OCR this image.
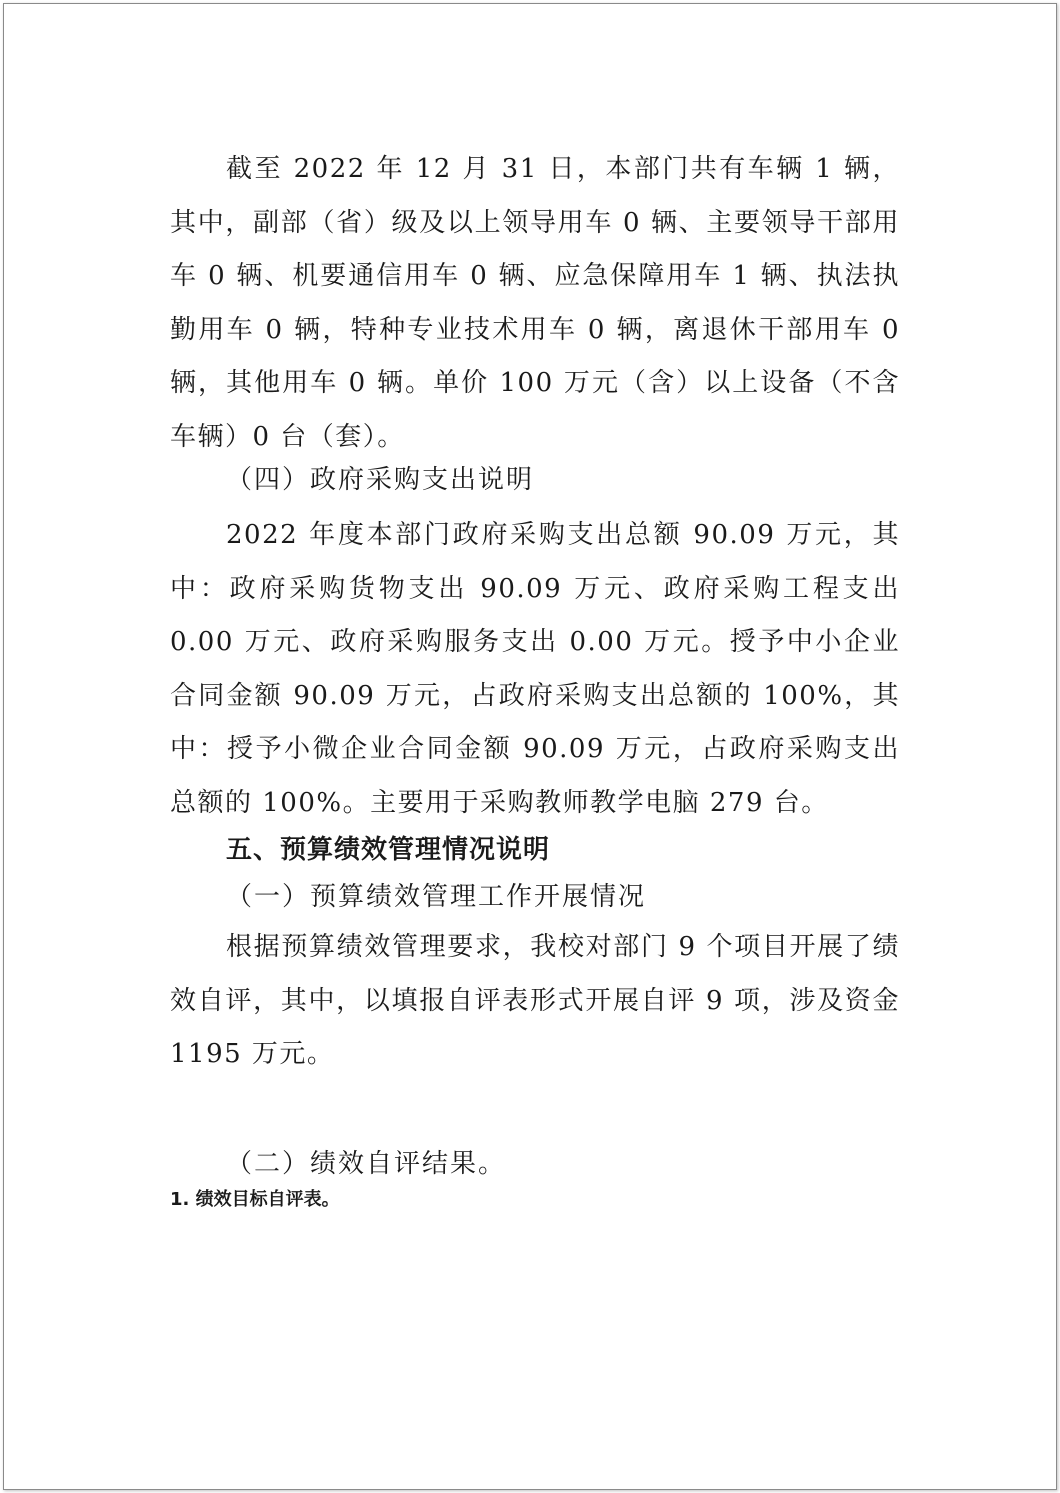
截至 2022 年 12 月 31 日，本部门共有车辆 1 辆，其中，副部（省）级及以上领导用车 0 辆、主要领导干部用车 0 辆、机要通信用车 0 辆、应急保障用车 1 辆、执法执勤用车 0 辆，特种专业技术用车 0 辆，离退休干部用车 0 辆，其他用车 0 辆。单价 100 万元（含）以上设备（不含车辆）0 台（套）。

（四）政府采购支出说明

2022 年度本部门政府采购支出总额 90.09 万元，其中：政府采购货物支出 90.09 万元、政府采购工程支出 0.00 万元、政府采购服务支出 0.00 万元。授予中小企业合同金额 90.09 万元，占政府采购支出总额的 100%，其中：授予小微企业合同金额 90.09 万元，占政府采购支出总额的 100%。主要用于采购教师教学电脑 279 台。

五、预算绩效管理情况说明

（一）预算绩效管理工作开展情况

根据预算绩效管理要求，我校对部门 9 个项目开展了绩效自评，其中，以填报自评表形式开展自评 9 项，涉及资金 1195 万元。

（二）绩效自评结果。

1. 绩效目标自评表。
